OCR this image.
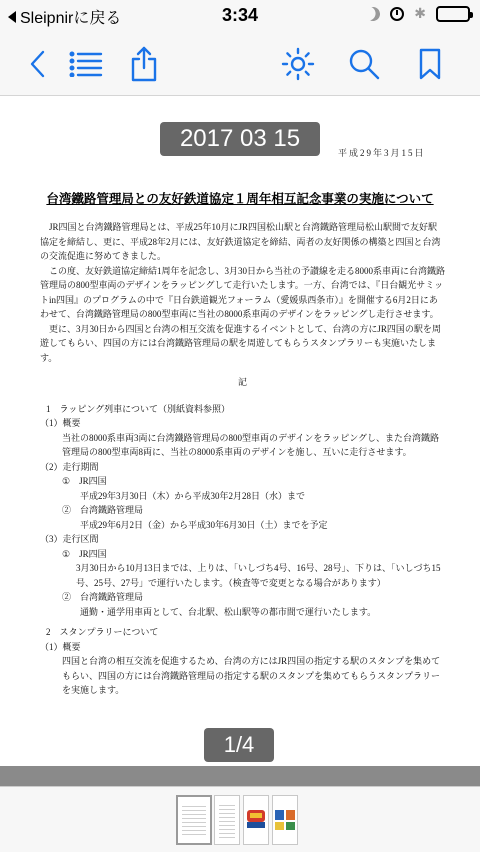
Sleipnirに戻る	3:34	✱
2017 03 15
平成29年3月15日
台湾鐵路管理局との友好鉄道協定１周年相互記念事業の実施について

JR四国と台湾鐵路管理局とは、平成25年10月にJR四国松山駅と台湾鐵路管理局松山駅間で友好駅協定を締結し、更に、平成28年2月には、友好鉄道協定を締結、両者の友好関係の構築と四国と台湾の交流促進に努めてきました。

この度、友好鉄道協定締結1周年を記念し、3月30日から当社の予讃線を走る8000系車両に台湾鐵路管理局の800型車両のデザインをラッピングして走行いたします。一方、台湾では、『日台観光サミットin四国』のプログラムの中で『日台鉄道観光フォーラム（愛媛県西条市）』を開催する6月2日にあわせて、台湾鐵路管理局の800型車両に当社の8000系車両のデザインをラッピングし走行させます。

更に、3月30日から四国と台湾の相互交流を促進するイベントとして、台湾の方にJR四国の駅を周遊してもらい、四国の方には台湾鐵路管理局の駅を周遊してもらうスタンプラリーも実施いたします。

記

1　ラッピング列車について（別紙資料参照）

（1）概要

当社の8000系車両3両に台湾鐵路管理局の800型車両のデザインをラッピングし、また台湾鐵路管理局の800型車両8両に、当社の8000系車両のデザインを施し、互いに走行させます。

（2）走行期間

①　JR四国

平成29年3月30日（木）から平成30年2月28日（水）まで

②　台湾鐵路管理局

平成29年6月2日（金）から平成30年6月30日（土）までを予定

（3）走行区間

①　JR四国

3月30日から10月13日までは、上りは、「いしづち4号、16号、28号」、下りは、「いしづち15号、25号、27号」で運行いたします。（検査等で変更となる場合があります）

②　台湾鐵路管理局

通勤・通学用車両として、台北駅、松山駅等の都市間で運行いたします。

2　スタンプラリーについて

（1）概要

四国と台湾の相互交流を促進するため、台湾の方にはJR四国の指定する駅のスタンプを集めてもらい、四国の方には台湾鐵路管理局の指定する駅のスタンプを集めてもらうスタンプラリーを実施します。

1/4
